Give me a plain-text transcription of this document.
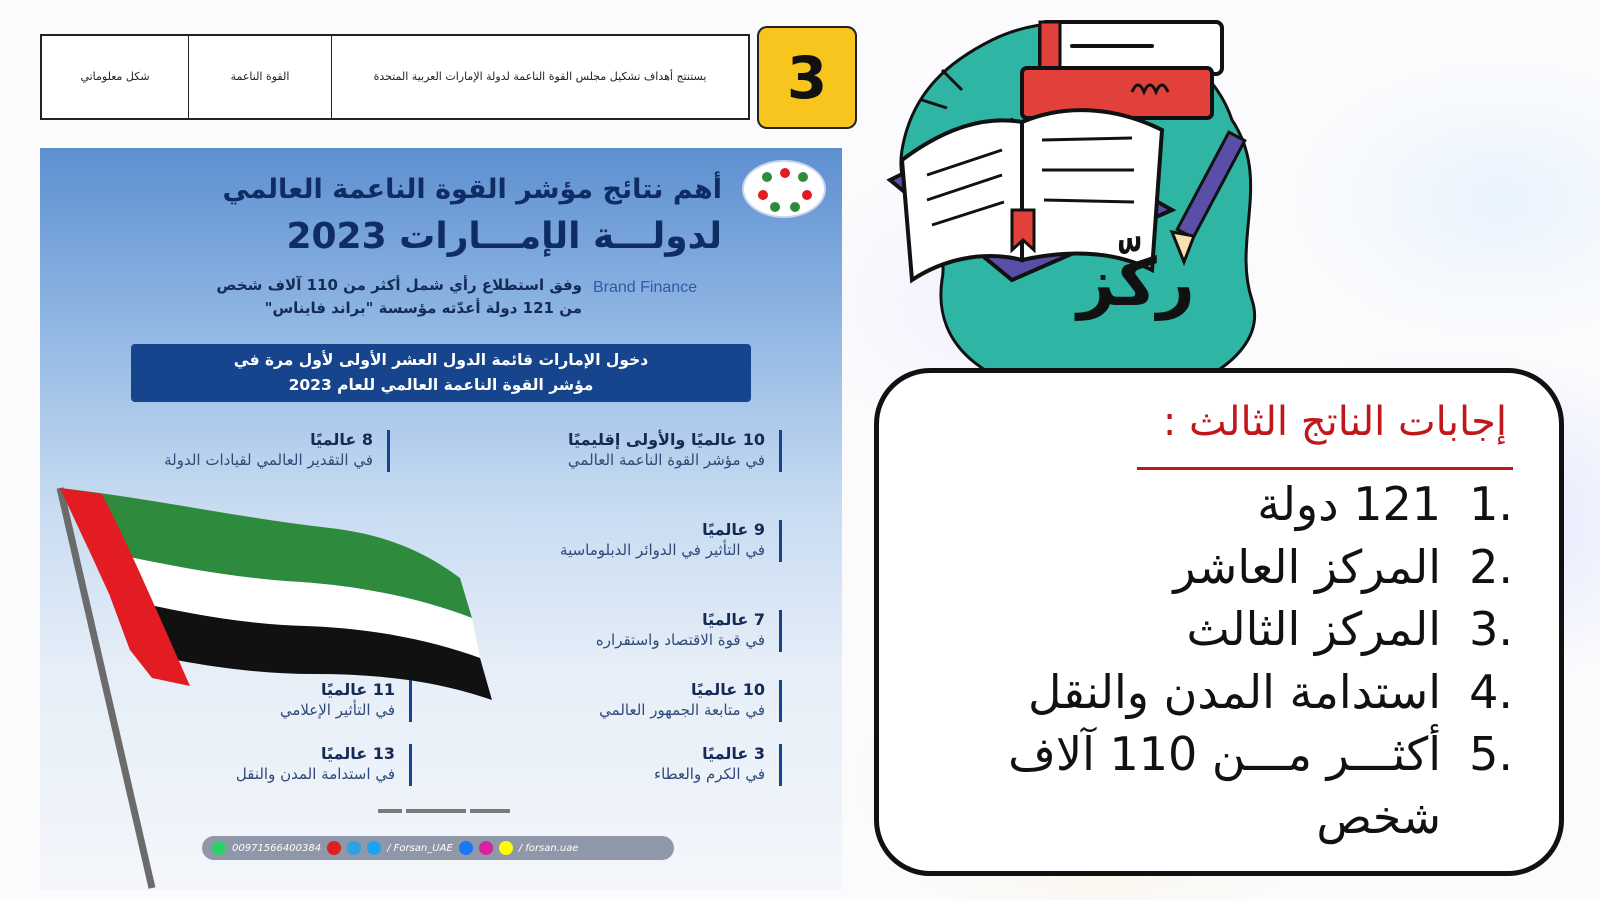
شكل معلوماتي	القوة الناعمة	يستنتج أهداف تشكيل مجلس القوة الناعمة لدولة الإمارات العربية المتحدة	3
أهم نتائج مؤشر القوة الناعمة العالمي
لدولـــة الإمـــارات 2023
Brand Finance
وفق استطلاع رأي شمل أكثر من 110 آلاف شخص
من 121 دولة أعدّته مؤسسة "براند فايناس"
دخول الإمارات قائمة الدول العشر الأولى لأول مرة في
مؤشر القوة الناعمة العالمي للعام 2023
10 عالميًا والأولى إقليميًا
في مؤشر القوة الناعمة العالمي
8 عالميًا
في التقدير العالمي لقيادات الدولة
9 عالميًا
في التأثير في الدوائر الدبلوماسية
7 عالميًا
في قوة الاقتصاد واستقراره
10 عالميًا
في متابعة الجمهور العالمي
11 عالميًا
في التأثير الإعلامي
3 عالميًا
في الكرم والعطاء
13 عالميًا
في استدامة المدن والنقل
00971566400384	/ Forsan_UAE	/ forsan.uae
ركّز
إجابات الناتج الثالث :
1.
121 دولة
2.
المركز العاشر
3.
المركز الثالث
4.
استدامة المدن والنقل
5.
أكثـــر مـــن 110 آلاف شخص
